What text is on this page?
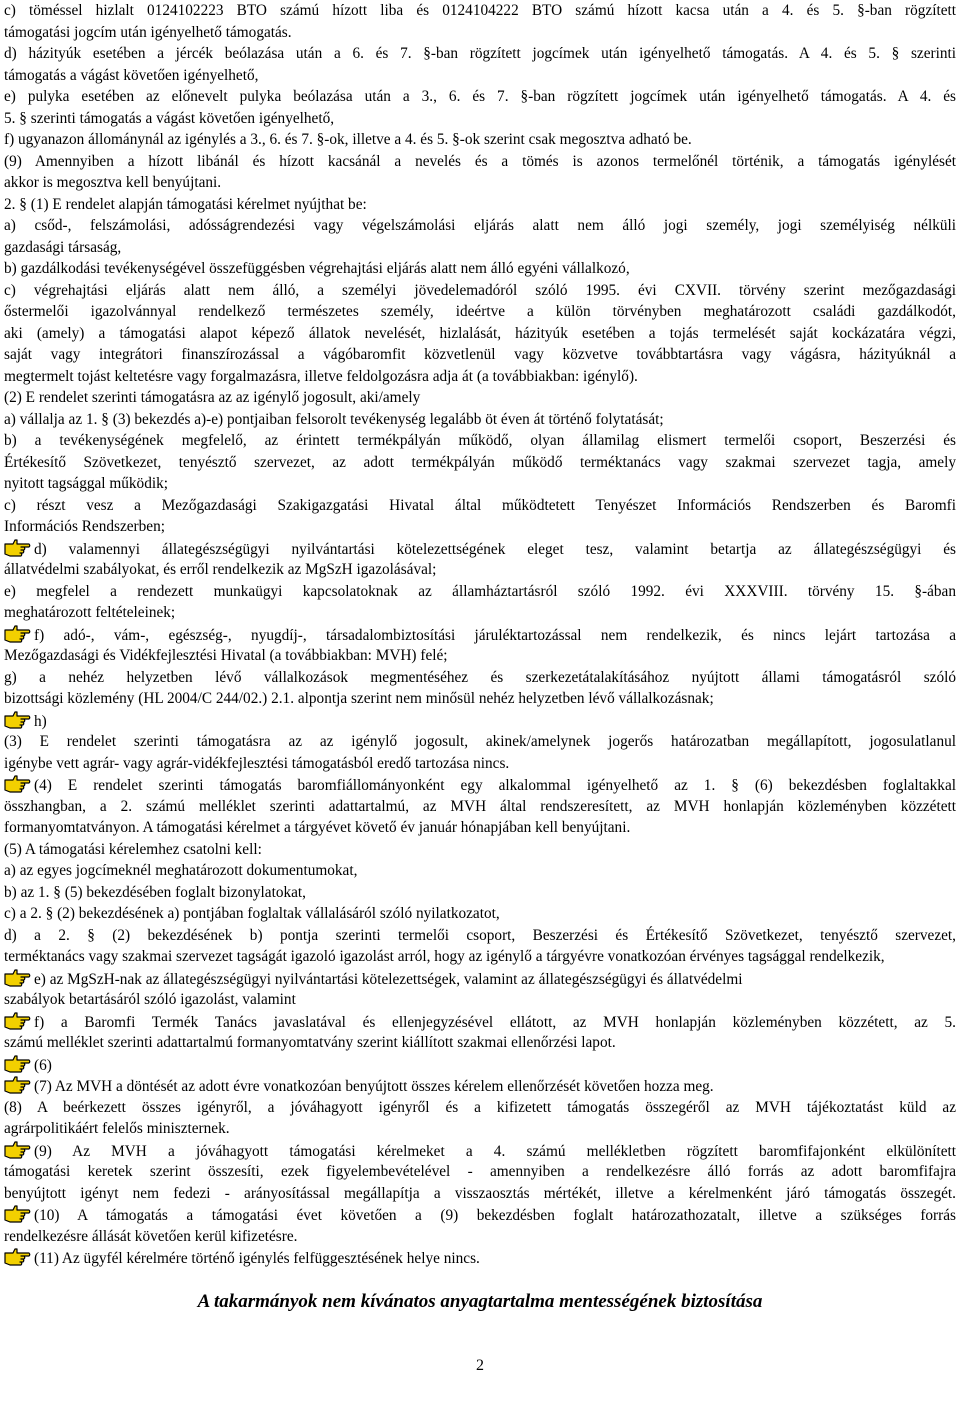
c) töméssel hizlalt 0124102223 BTO számú hízott liba és 0124104222 BTO számú hízott kacsa után a 4. és 5. §-ban rögzített
támogatási jogcím után igényelhető támogatás.
d) házityúk esetében a jércék beólazása után a 6. és 7. §-ban rögzített jogcímek után igényelhető támogatás. A 4. és 5. § szerinti
támogatás a vágást követően igényelhető,
e) pulyka esetében az előnevelt pulyka beólazása után a 3., 6. és 7. §-ban rögzített jogcímek után igényelhető támogatás. A 4. és
5. § szerinti támogatás a vágást követően igényelhető,
f) ugyanazon állománynál az igénylés a 3., 6. és 7. §-ok, illetve a 4. és 5. §-ok szerint csak megosztva adható be.
(9) Amennyiben a hízott libánál és hízott kacsánál a nevelés és a tömés is azonos termelőnél történik, a támogatás igénylését
akkor is megosztva kell benyújtani.
2. § (1) E rendelet alapján támogatási kérelmet nyújthat be:
a) csőd-, felszámolási, adósságrendezési vagy végelszámolási eljárás alatt nem álló jogi személy, jogi személyiség nélküli
gazdasági társaság,
b) gazdálkodási tevékenységével összefüggésben végrehajtási eljárás alatt nem álló egyéni vállalkozó,
c) végrehajtási eljárás alatt nem álló, a személyi jövedelemadóról szóló 1995. évi CXVII. törvény szerint mezőgazdasági
őstermelői igazolvánnyal rendelkező természetes személy, ideértve a külön törvényben meghatározott családi gazdálkodót,
aki (amely) a támogatási alapot képező állatok nevelését, hizlalását, házityúk esetében a tojás termelését saját kockázatára végzi,
saját vagy integrátori finanszírozással a vágóbaromfit közvetlenül vagy közvetve továbbtartásra vagy vágásra, házityúknál a
megtermelt tojást keltetésre vagy forgalmazásra, illetve feldolgozásra adja át (a továbbiakban: igénylő).
(2) E rendelet szerinti támogatásra az az igénylő jogosult, aki/amely
a) vállalja az 1. § (3) bekezdés a)-e) pontjaiban felsorolt tevékenység legalább öt éven át történő folytatását;
b) a tevékenységének megfelelő, az érintett termékpályán működő, olyan államilag elismert termelői csoport, Beszerzési és
Értékesítő Szövetkezet, tenyésztő szervezet, az adott termékpályán működő terméktanács vagy szakmai szervezet tagja, amely
nyitott tagsággal működik;
c) részt vesz a Mezőgazdasági Szakigazgatási Hivatal által működtetett Tenyészet Információs Rendszerben és Baromfi
Információs Rendszerben;
d) valamennyi állategészségügyi nyilvántartási kötelezettségének eleget tesz, valamint betartja az állategészségügyi és
állatvédelmi szabályokat, és erről rendelkezik az MgSzH igazolásával;
e) megfelel a rendezett munkaügyi kapcsolatoknak az államháztartásról szóló 1992. évi XXXVIII. törvény 15. §-ában
meghatározott feltételeinek;
f) adó-, vám-, egészség-, nyugdíj-, társadalombiztosítási járuléktartozással nem rendelkezik, és nincs lejárt tartozása a
Mezőgazdasági és Vidékfejlesztési Hivatal (a továbbiakban: MVH) felé;
g) a nehéz helyzetben lévő vállalkozások megmentéséhez és szerkezetátalakításához nyújtott állami támogatásról szóló
bizottsági közlemény (HL 2004/C 244/02.) 2.1. alpontja szerint nem minősül nehéz helyzetben lévő vállalkozásnak;
h)
(3) E rendelet szerinti támogatásra az az igénylő jogosult, akinek/amelynek jogerős határozatban megállapított, jogosulatlanul
igénybe vett agrár- vagy agrár-vidékfejlesztési támogatásból eredő tartozása nincs.
(4) E rendelet szerinti támogatás baromfiállományonként egy alkalommal igényelhető az 1. § (6) bekezdésben foglaltakkal
összhangban, a 2. számú melléklet szerinti adattartalmú, az MVH által rendszeresített, az MVH honlapján közleményben közzétett
formanyomtatványon. A támogatási kérelmet a tárgyévet követő év január hónapjában kell benyújtani.
(5) A támogatási kérelemhez csatolni kell:
a) az egyes jogcímeknél meghatározott dokumentumokat,
b) az 1. § (5) bekezdésében foglalt bizonylatokat,
c) a 2. § (2) bekezdésének a) pontjában foglaltak vállalásáról szóló nyilatkozatot,
d) a 2. § (2) bekezdésének b) pontja szerinti termelői csoport, Beszerzési és Értékesítő Szövetkezet, tenyésztő szervezet,
terméktanács vagy szakmai szervezet tagságát igazoló igazolást arról, hogy az igénylő a tárgyévre vonatkozóan érvényes tagsággal rendelkezik,
e) az MgSzH-nak az állategészségügyi nyilvántartási kötelezettségek, valamint az állategészségügyi és állatvédelmi
szabályok betartásáról szóló igazolást, valamint
f) a Baromfi Termék Tanács javaslatával és ellenjegyzésével ellátott, az MVH honlapján közleményben közzétett, az 5.
számú melléklet szerinti adattartalmú formanyomtatvány szerint kiállított szakmai ellenőrzési lapot.
(6)
(7) Az MVH a döntését az adott évre vonatkozóan benyújtott összes kérelem ellenőrzését követően hozza meg.
(8) A beérkezett összes igényről, a jóváhagyott igényről és a kifizetett támogatás összegéről az MVH tájékoztatást küld az
agrárpolitikáért felelős miniszternek.
(9) Az MVH a jóváhagyott támogatási kérelmeket a 4. számú mellékletben rögzített baromfifajonként elkülönített
támogatási keretek szerint összesíti, ezek figyelembevételével - amennyiben a rendelkezésre álló forrás az adott baromfifajra
benyújtott igényt nem fedezi - arányosítással megállapítja a visszaosztás mértékét, illetve a kérelmenként járó támogatás összegét.
(10) A támogatás a támogatási évet követően a (9) bekezdésben foglalt határozathozatalt, illetve a szükséges forrás
rendelkezésre állását követően kerül kifizetésre.
(11) Az ügyfél kérelmére történő igénylés felfüggesztésének helye nincs.
A takarmányok nem kívánatos anyagtartalma mentességének biztosítása
2
